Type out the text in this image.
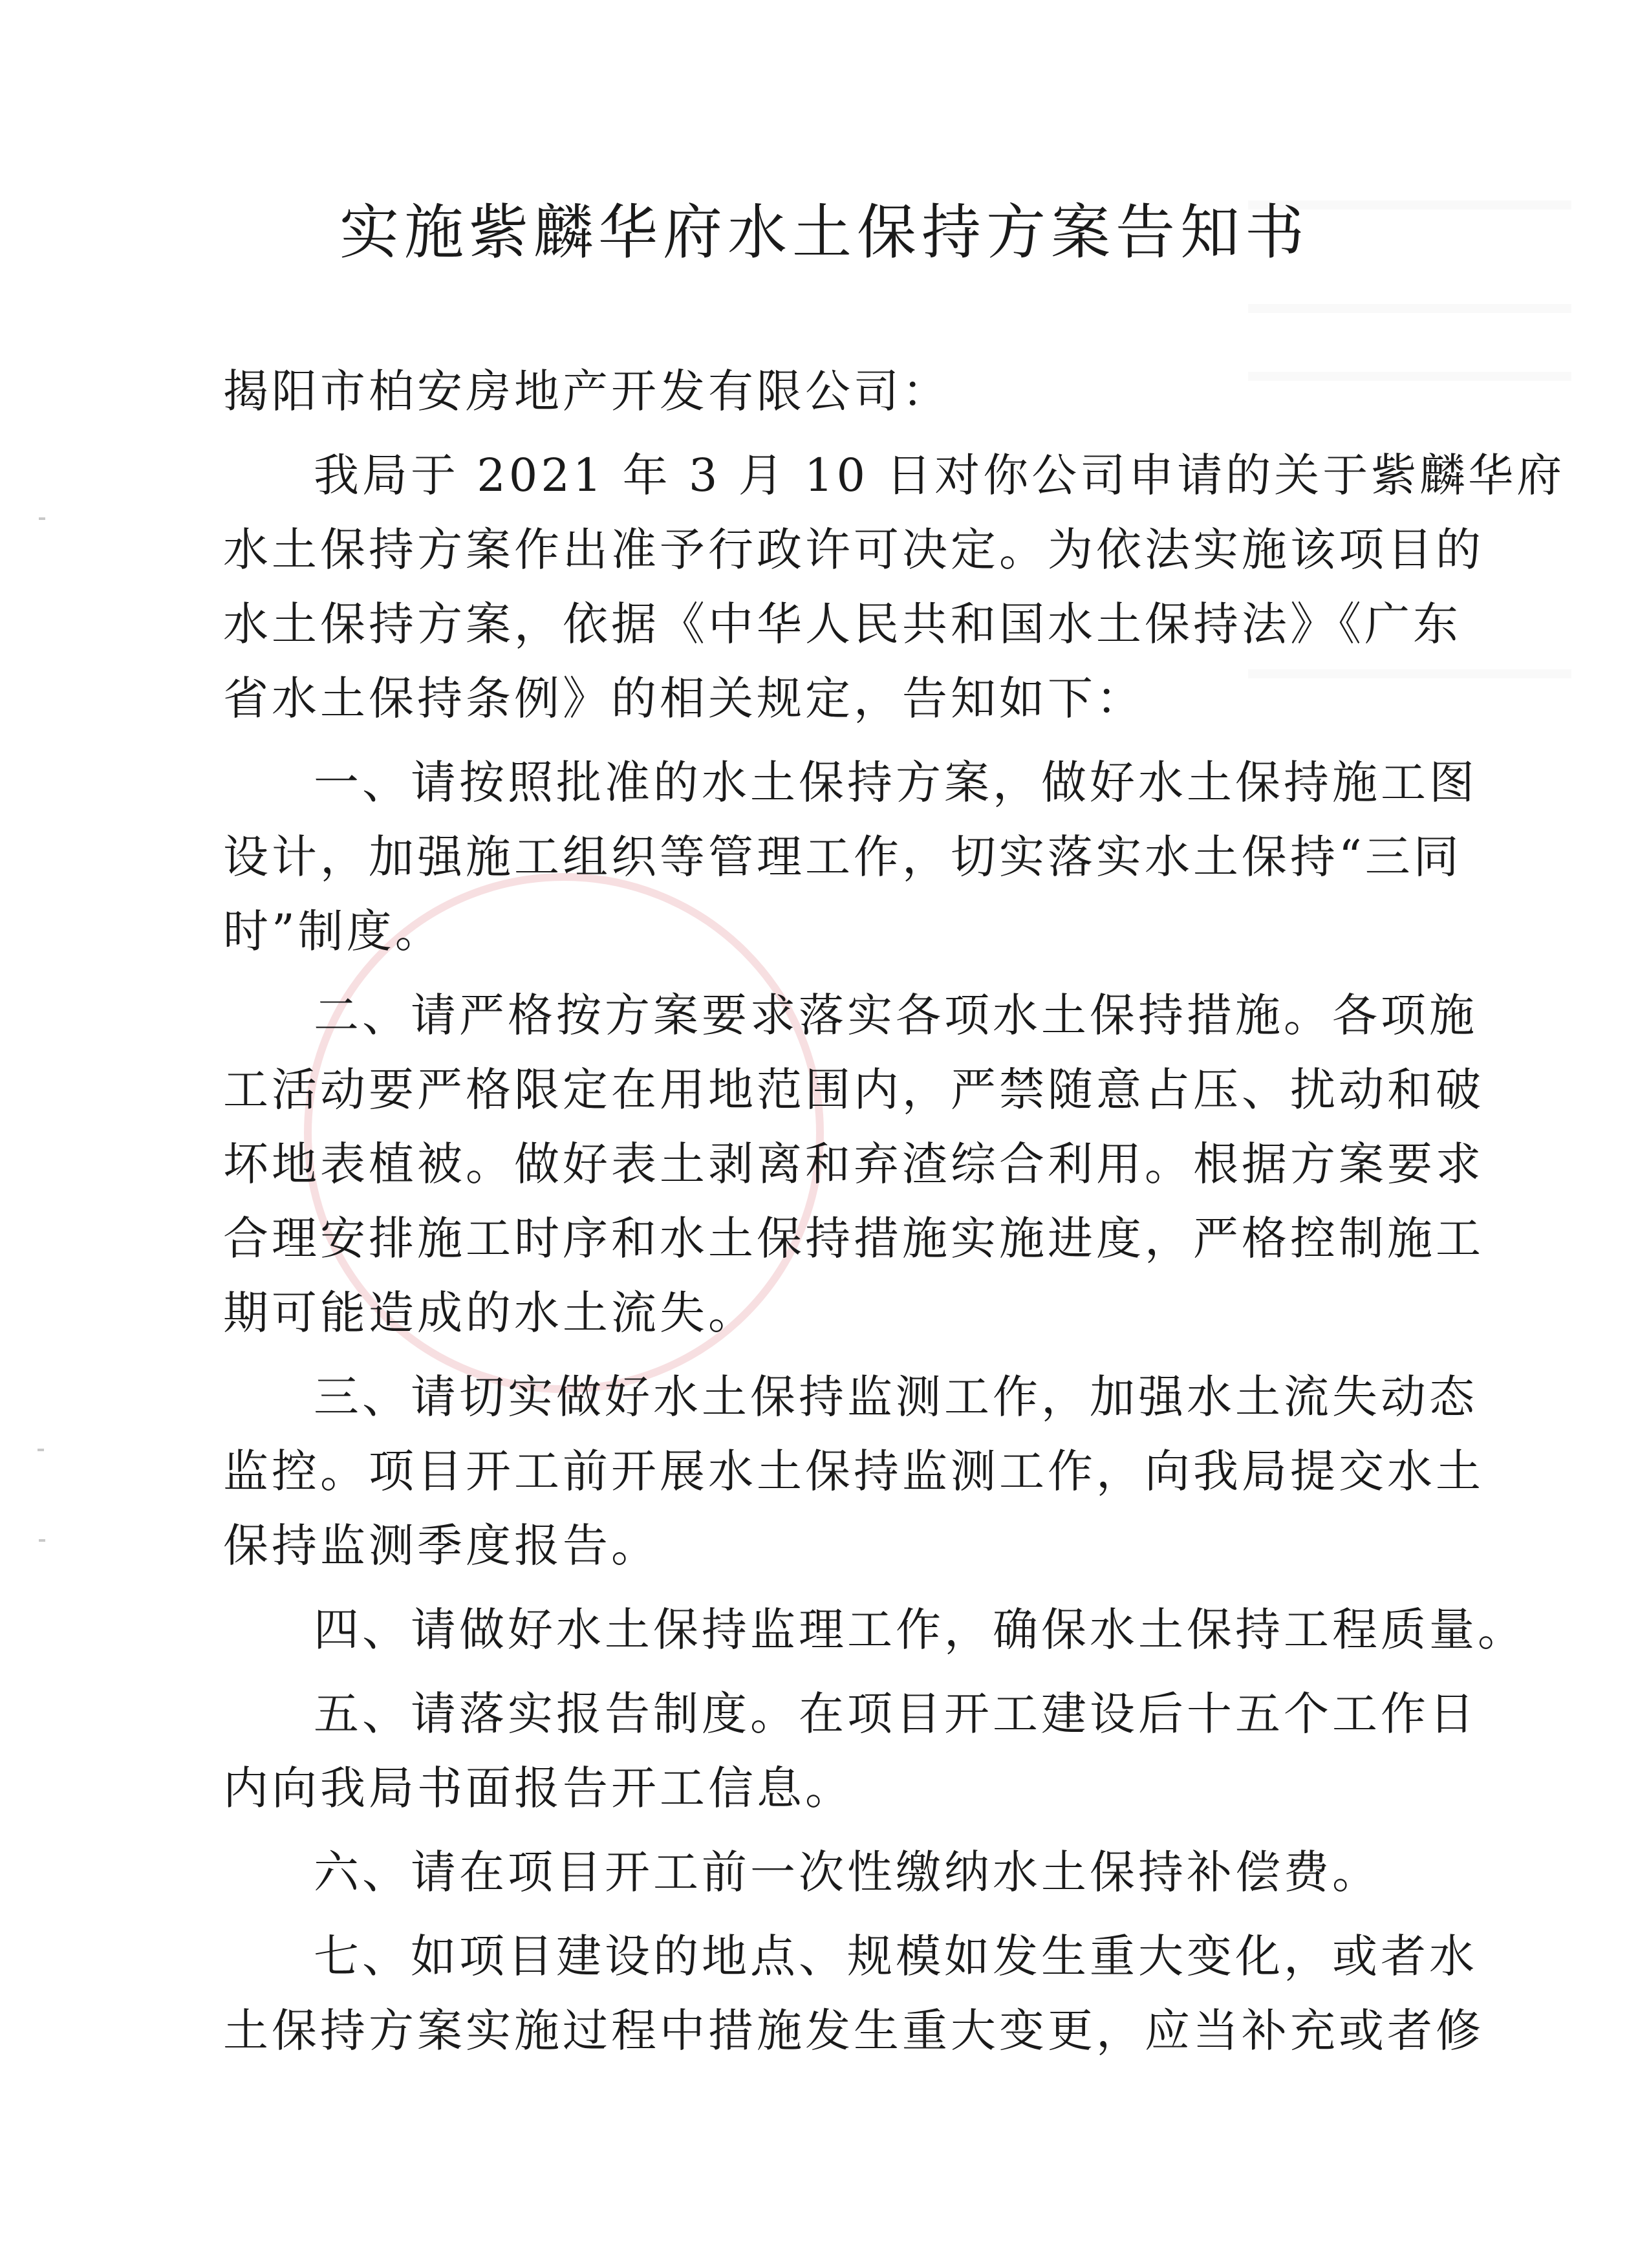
实施紫麟华府水土保持方案告知书
揭阳市柏安房地产开发有限公司：
我局于 2021 年 3 月 10 日对你公司申请的关于紫麟华府
水土保持方案作出准予行政许可决定。为依法实施该项目的
水土保持方案，依据《中华人民共和国水土保持法》《广东
省水土保持条例》的相关规定，告知如下：
一、请按照批准的水土保持方案，做好水土保持施工图
设计，加强施工组织等管理工作，切实落实水土保持“三同
时”制度。
二、请严格按方案要求落实各项水土保持措施。各项施
工活动要严格限定在用地范围内，严禁随意占压、扰动和破
坏地表植被。做好表土剥离和弃渣综合利用。根据方案要求
合理安排施工时序和水土保持措施实施进度，严格控制施工
期可能造成的水土流失。
三、请切实做好水土保持监测工作，加强水土流失动态
监控。项目开工前开展水土保持监测工作，向我局提交水土
保持监测季度报告。
四、请做好水土保持监理工作，确保水土保持工程质量。
五、请落实报告制度。在项目开工建设后十五个工作日
内向我局书面报告开工信息。
六、请在项目开工前一次性缴纳水土保持补偿费。
七、如项目建设的地点、规模如发生重大变化，或者水
土保持方案实施过程中措施发生重大变更，应当补充或者修
